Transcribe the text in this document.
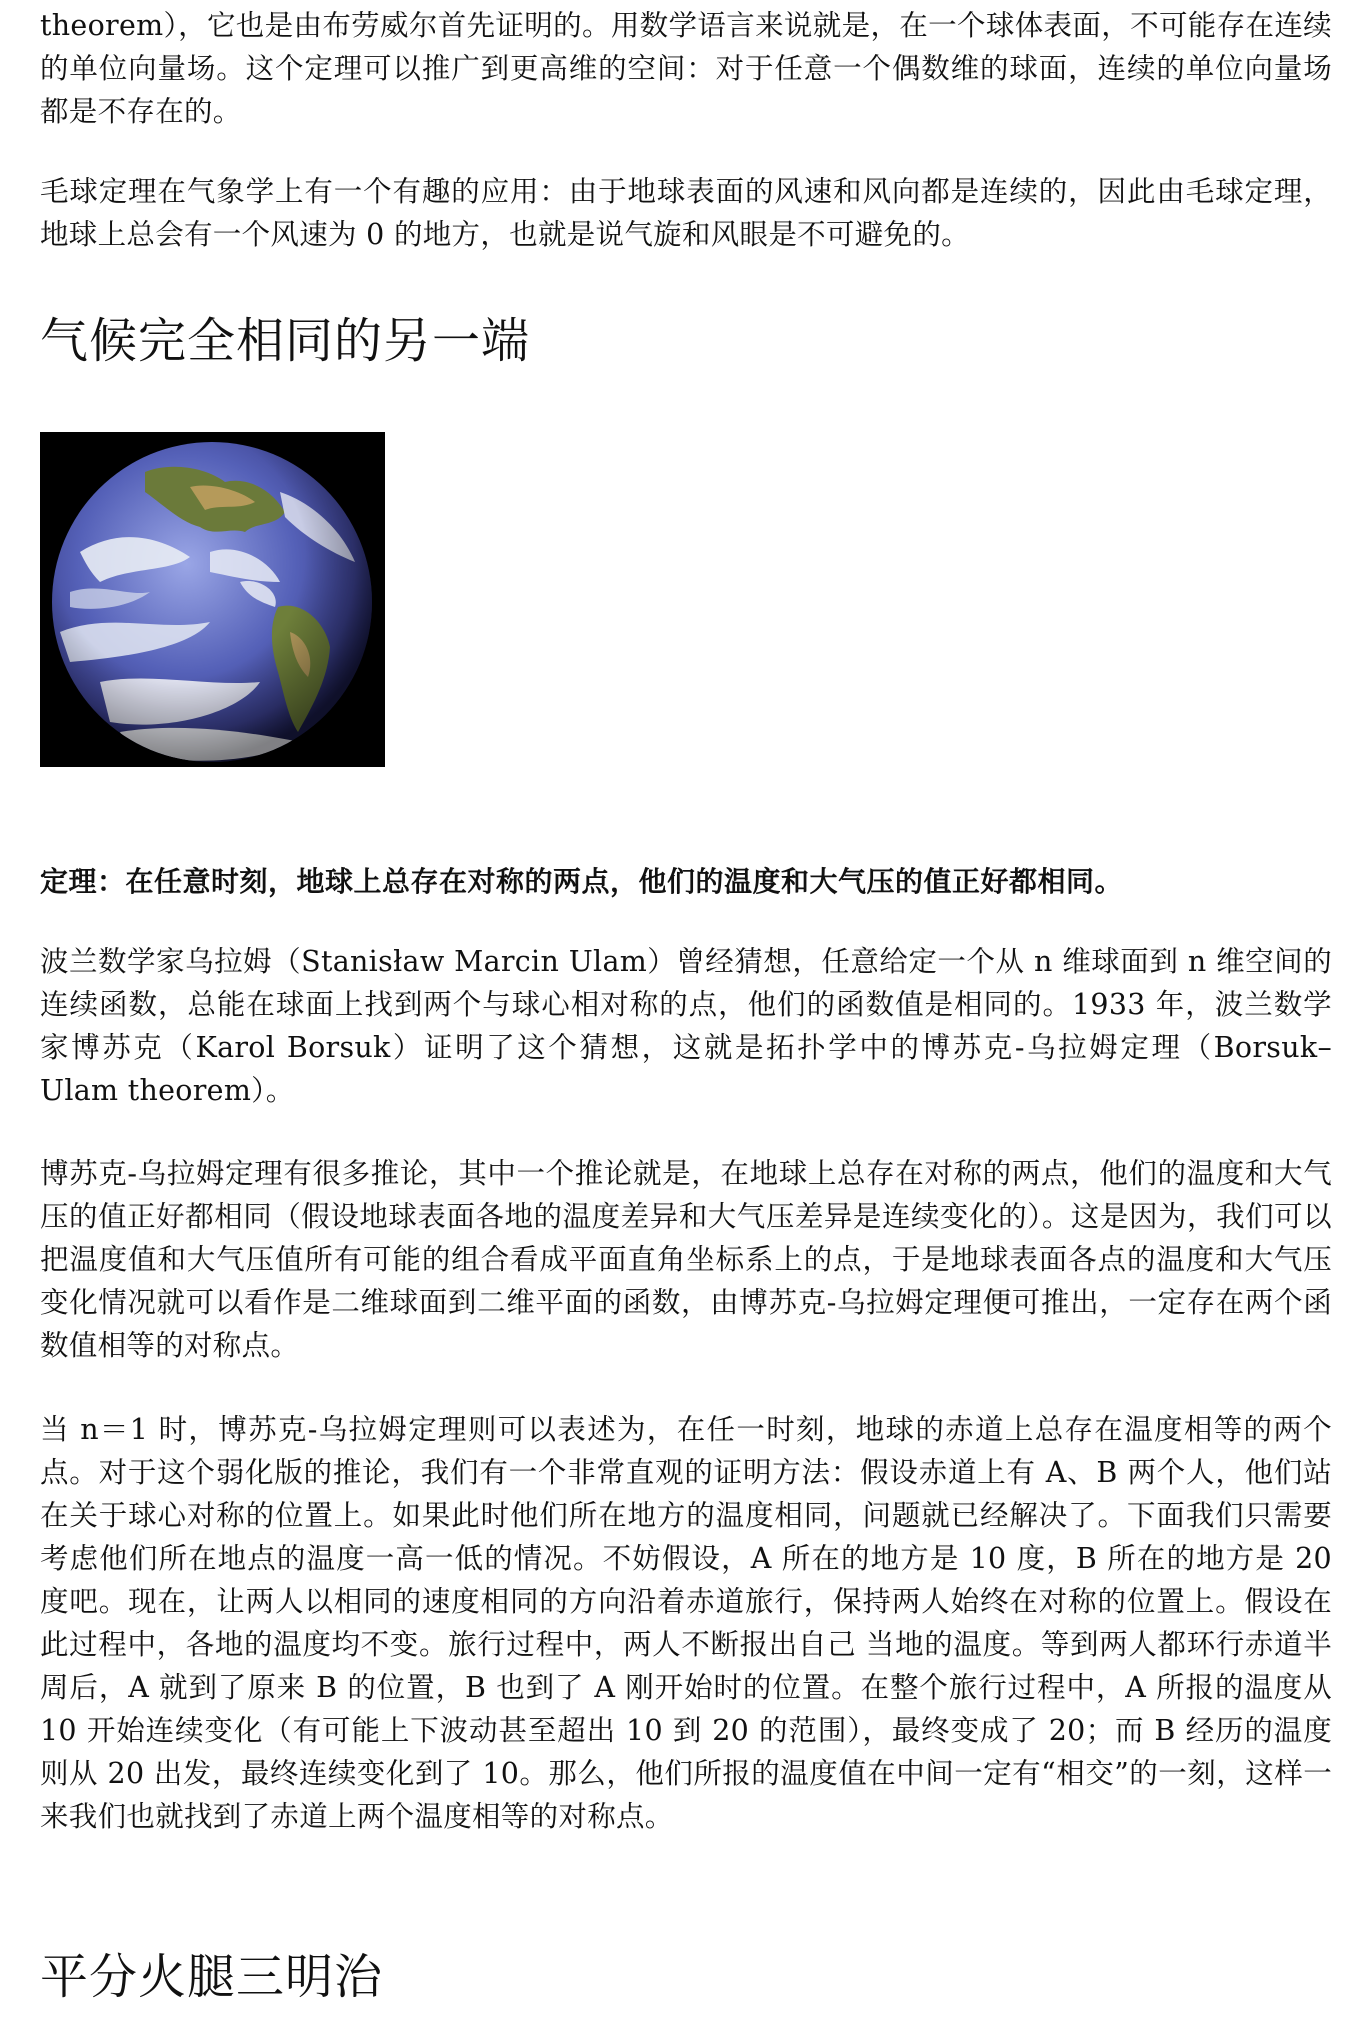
theorem），它也是由布劳威尔首先证明的。用数学语言来说就是，在一个球体表面，不可能存在连续的单位向量场。这个定理可以推广到更高维的空间：对于任意一个偶数维的球面，连续的单位向量场都是不存在的。

毛球定理在气象学上有一个有趣的应用：由于地球表面的风速和风向都是连续的，因此由毛球定理，地球上总会有一个风速为 0 的地方，也就是说气旋和风眼是不可避免的。

气候完全相同的另一端

定理：在任意时刻，地球上总存在对称的两点，他们的温度和大气压的值正好都相同。

波兰数学家乌拉姆（Stanisław Marcin Ulam）曾经猜想，任意给定一个从 n 维球面到 n 维空间的连续函数，总能在球面上找到两个与球心相对称的点，他们的函数值是相同的。1933 年，波兰数学家博苏克（Karol Borsuk）证明了这个猜想，这就是拓扑学中的博苏克-乌拉姆定理（Borsuk–Ulam theorem）。

博苏克-乌拉姆定理有很多推论，其中一个推论就是，在地球上总存在对称的两点，他们的温度和大气压的值正好都相同（假设地球表面各地的温度差异和大气压差异是连续变化的）。这是因为，我们可以把温度值和大气压值所有可能的组合看成平面直角坐标系上的点，于是地球表面各点的温度和大气压变化情况就可以看作是二维球面到二维平面的函数，由博苏克-乌拉姆定理便可推出，一定存在两个函数值相等的对称点。

当 n＝1 时，博苏克-乌拉姆定理则可以表述为，在任一时刻，地球的赤道上总存在温度相等的两个点。对于这个弱化版的推论，我们有一个非常直观的证明方法：假设赤道上有 A、B 两个人，他们站在关于球心对称的位置上。如果此时他们所在地方的温度相同，问题就已经解决了。下面我们只需要考虑他们所在地点的温度一高一低的情况。不妨假设，A 所在的地方是 10 度，B 所在的地方是 20 度吧。现在，让两人以相同的速度相同的方向沿着赤道旅行，保持两人始终在对称的位置上。假设在此过程中，各地的温度均不变。旅行过程中，两人不断报出自己 当地的温度。等到两人都环行赤道半周后，A 就到了原来 B 的位置，B 也到了 A 刚开始时的位置。在整个旅行过程中，A 所报的温度从 10 开始连续变化（有可能上下波动甚至超出 10 到 20 的范围），最终变成了 20；而 B 经历的温度则从 20 出发，最终连续变化到了 10。那么，他们所报的温度值在中间一定有“相交”的一刻，这样一来我们也就找到了赤道上两个温度相等的对称点。

平分火腿三明治
